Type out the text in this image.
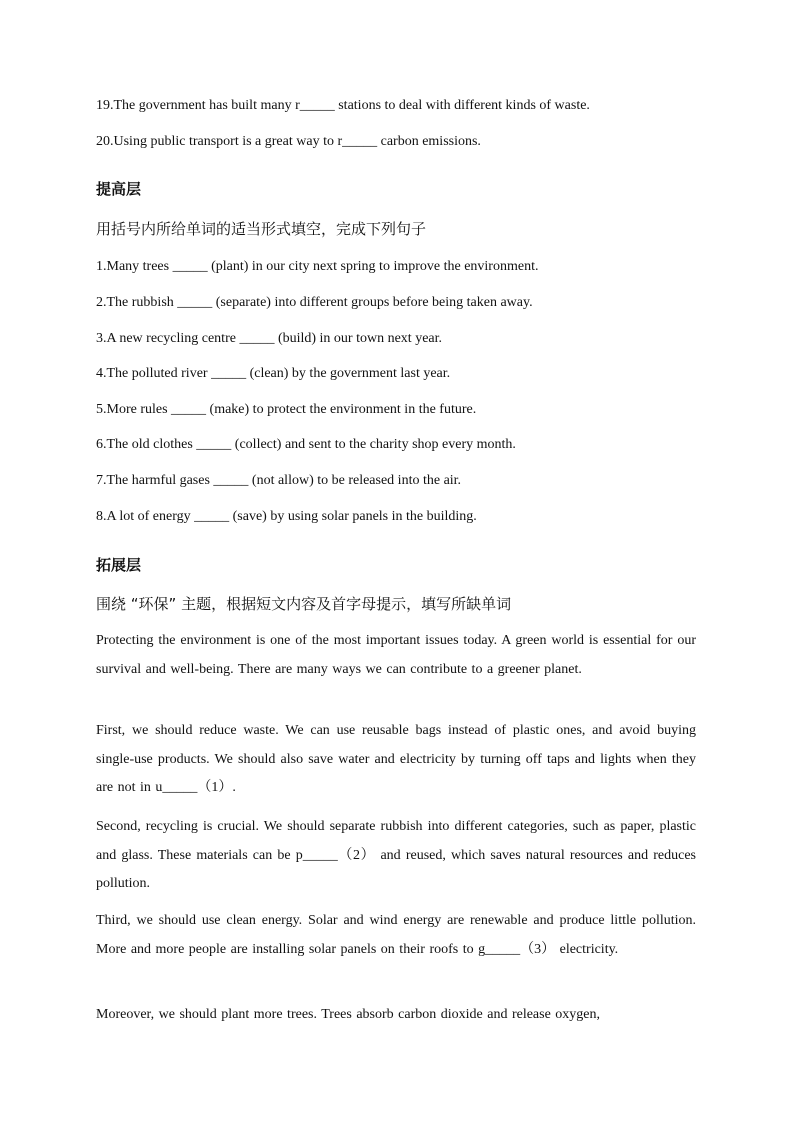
19.The government has built many r_____ stations to deal with different kinds of waste.
20.Using public transport is a great way to r_____ carbon emissions.
提高层
用括号内所给单词的适当形式填空，完成下列句子
1.Many trees _____ (plant) in our city next spring to improve the environment.
2.The rubbish _____ (separate) into different groups before being taken away.
3.A new recycling centre _____ (build) in our town next year.
4.The polluted river _____ (clean) by the government last year.
5.More rules _____ (make) to protect the environment in the future.
6.The old clothes _____ (collect) and sent to the charity shop every month.
7.The harmful gases _____ (not allow) to be released into the air.
8.A lot of energy _____ (save) by using solar panels in the building.
拓展层
围绕 “环保” 主题，根据短文内容及首字母提示，填写所缺单词
Protecting the environment is one of the most important issues today. A green world is essential for our survival and well-being. There are many ways we can contribute to a greener planet.
First, we should reduce waste. We can use reusable bags instead of plastic ones, and avoid buying single-use products. We should also save water and electricity by turning off taps and lights when they are not in u_____（1）.
Second, recycling is crucial. We should separate rubbish into different categories, such as paper, plastic and glass. These materials can be p_____（2） and reused, which saves natural resources and reduces pollution.
Third, we should use clean energy. Solar and wind energy are renewable and produce little pollution. More and more people are installing solar panels on their roofs to g_____（3） electricity.
Moreover, we should plant more trees. Trees absorb carbon dioxide and release oxygen,
